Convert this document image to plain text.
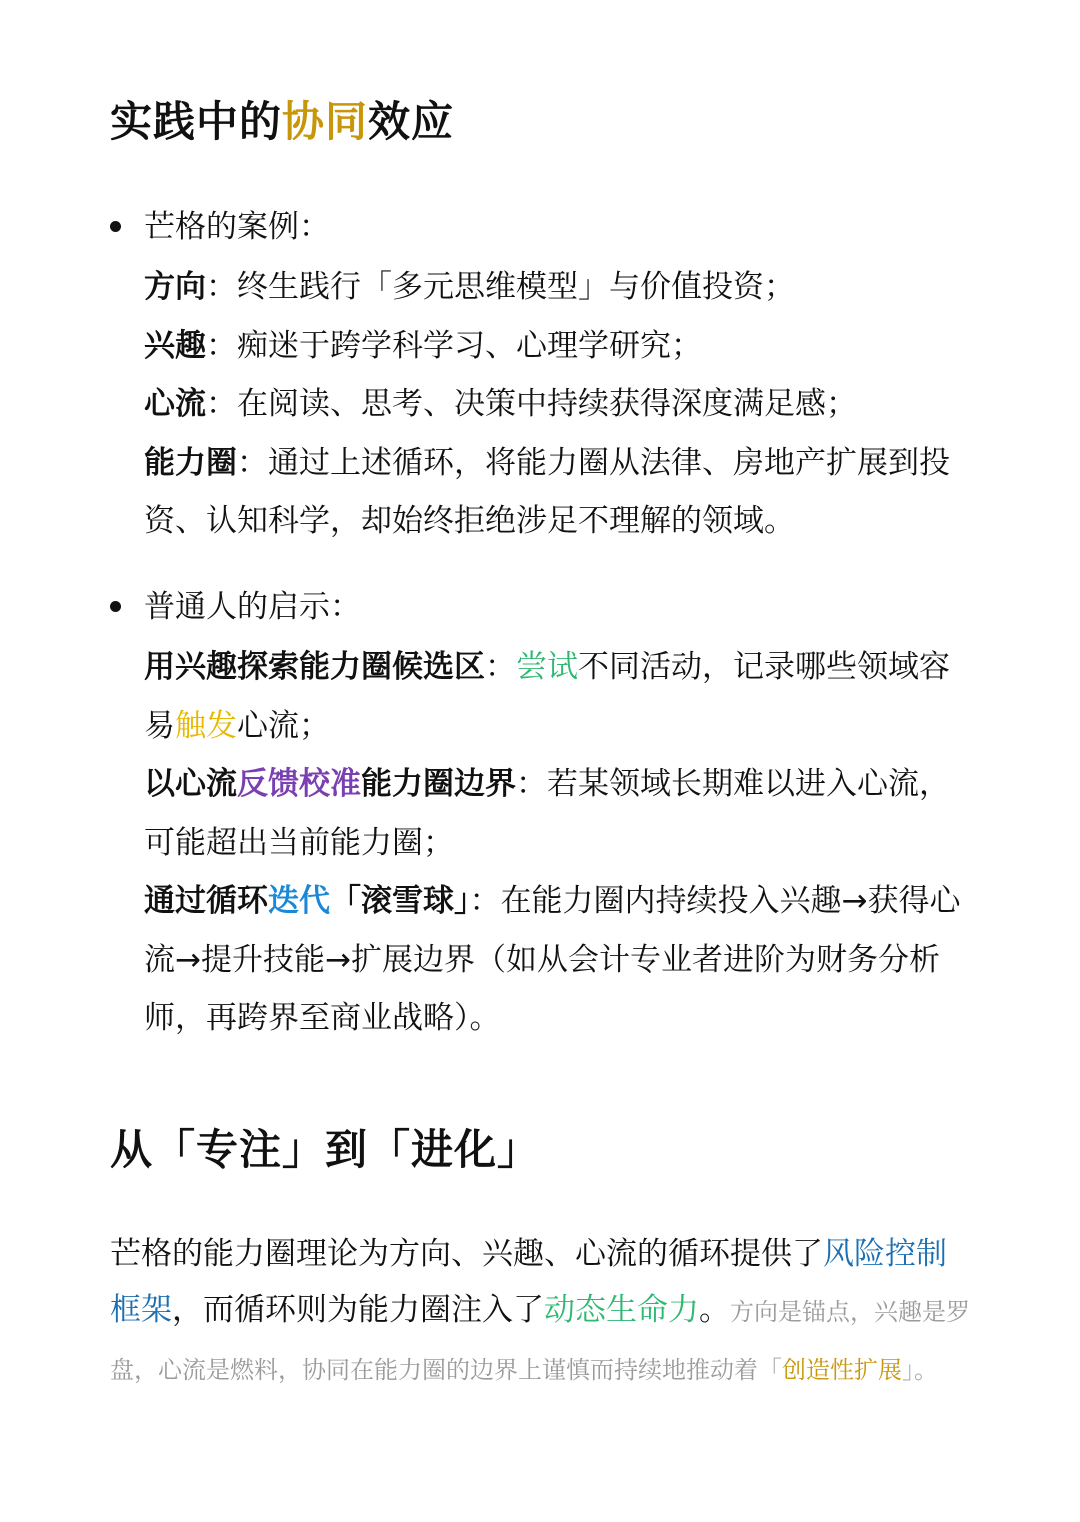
实践中的协同效应
芒格的案例：
方向：终生践行「多元思维模型」与价值投资；
兴趣：痴迷于跨学科学习、心理学研究；
心流：在阅读、思考、决策中持续获得深度满足感；
能力圈：通过上述循环，将能力圈从法律、房地产扩展到投资、认知科学，却始终拒绝涉足不理解的领域。
普通人的启示：
用兴趣探索能力圈候选区：尝试不同活动，记录哪些领域容易触发心流；
以心流反馈校准能力圈边界：若某领域长期难以进入心流，可能超出当前能力圈；
通过循环迭代「滚雪球」：在能力圈内持续投入兴趣→获得心流→提升技能→扩展边界（如从会计专业者进阶为财务分析师，再跨界至商业战略）。
从「专注」到「进化」
芒格的能力圈理论为方向、兴趣、心流的循环提供了风险控制框架，而循环则为能力圈注入了动态生命力。方向是锚点，兴趣是罗盘，心流是燃料，协同在能力圈的边界上谨慎而持续地推动着「创造性扩展」。
